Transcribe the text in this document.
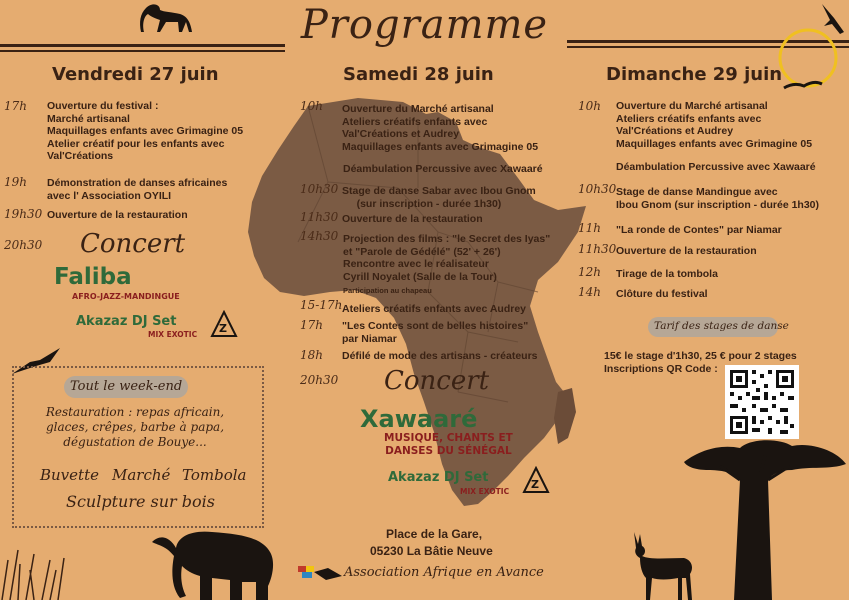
Programme
Vendredi 27 juin	Samedi 28 juin	Dimanche 29 juin
17h Ouverture du festival :
Marché artisanal
Maquillages enfants avec Grimagine 05
Atelier créatif pour les enfants avec
Val'Créations
19h Démonstration de danses africaines
avec l' Association OYILI
19h30 Ouverture de la restauration
20h30 Concert
Faliba
AFRO-JAZZ-MANDINGUE
Akazaz DJ Set
MIX EXOTIC Z
Tout le week-end
Restauration : repas africain,
glaces, crêpes, barbe à papa,
dégustation de Bouye...
Buvette Marché Tombola
Sculpture sur bois
10h Ouverture du Marché artisanal
Ateliers créatifs enfants avec
Val'Créations et Audrey
Maquillages enfants avec Grimagine 05
Déambulation Percussive avec Xawaaré
10h30 Stage de danse Sabar avec Ibou Gnom
(sur inscription - durée 1h30)
11h30 Ouverture de la restauration
14h30 Projection des films : "le Secret des Iyas"
et "Parole de Gédélé" (52' + 26')
Rencontre avec le réalisateur
Cyrill Noyalet (Salle de la Tour)
Participation au chapeau
15-17h Ateliers créatifs enfants avec Audrey
17h "Les Contes sont de belles histoires"
par Niamar
18h Défilé de mode des artisans - créateurs
20h30 Concert
Xawaaré
MUSIQUE, CHANTS ET
DANSES DU SÉNÉGAL
Akazaz DJ Set
MIX EXOTIC
Z
Place de la Gare,
05230 La Bâtie Neuve
Association Afrique en Avance
10h Ouverture du Marché artisanal
Ateliers créatifs enfants avec
Val'Créations et Audrey
Maquillages enfants avec Grimagine 05
Déambulation Percussive avec Xawaaré
10h30 Stage de danse Mandingue avec
Ibou Gnom (sur inscription - durée 1h30)
11h "La ronde de Contes" par Niamar
11h30 Ouverture de la restauration
12h Tirage de la tombola
14h Clôture du festival
Tarif des stages de danse
15€ le stage d'1h30, 25 € pour 2 stages
Inscriptions QR Code :
